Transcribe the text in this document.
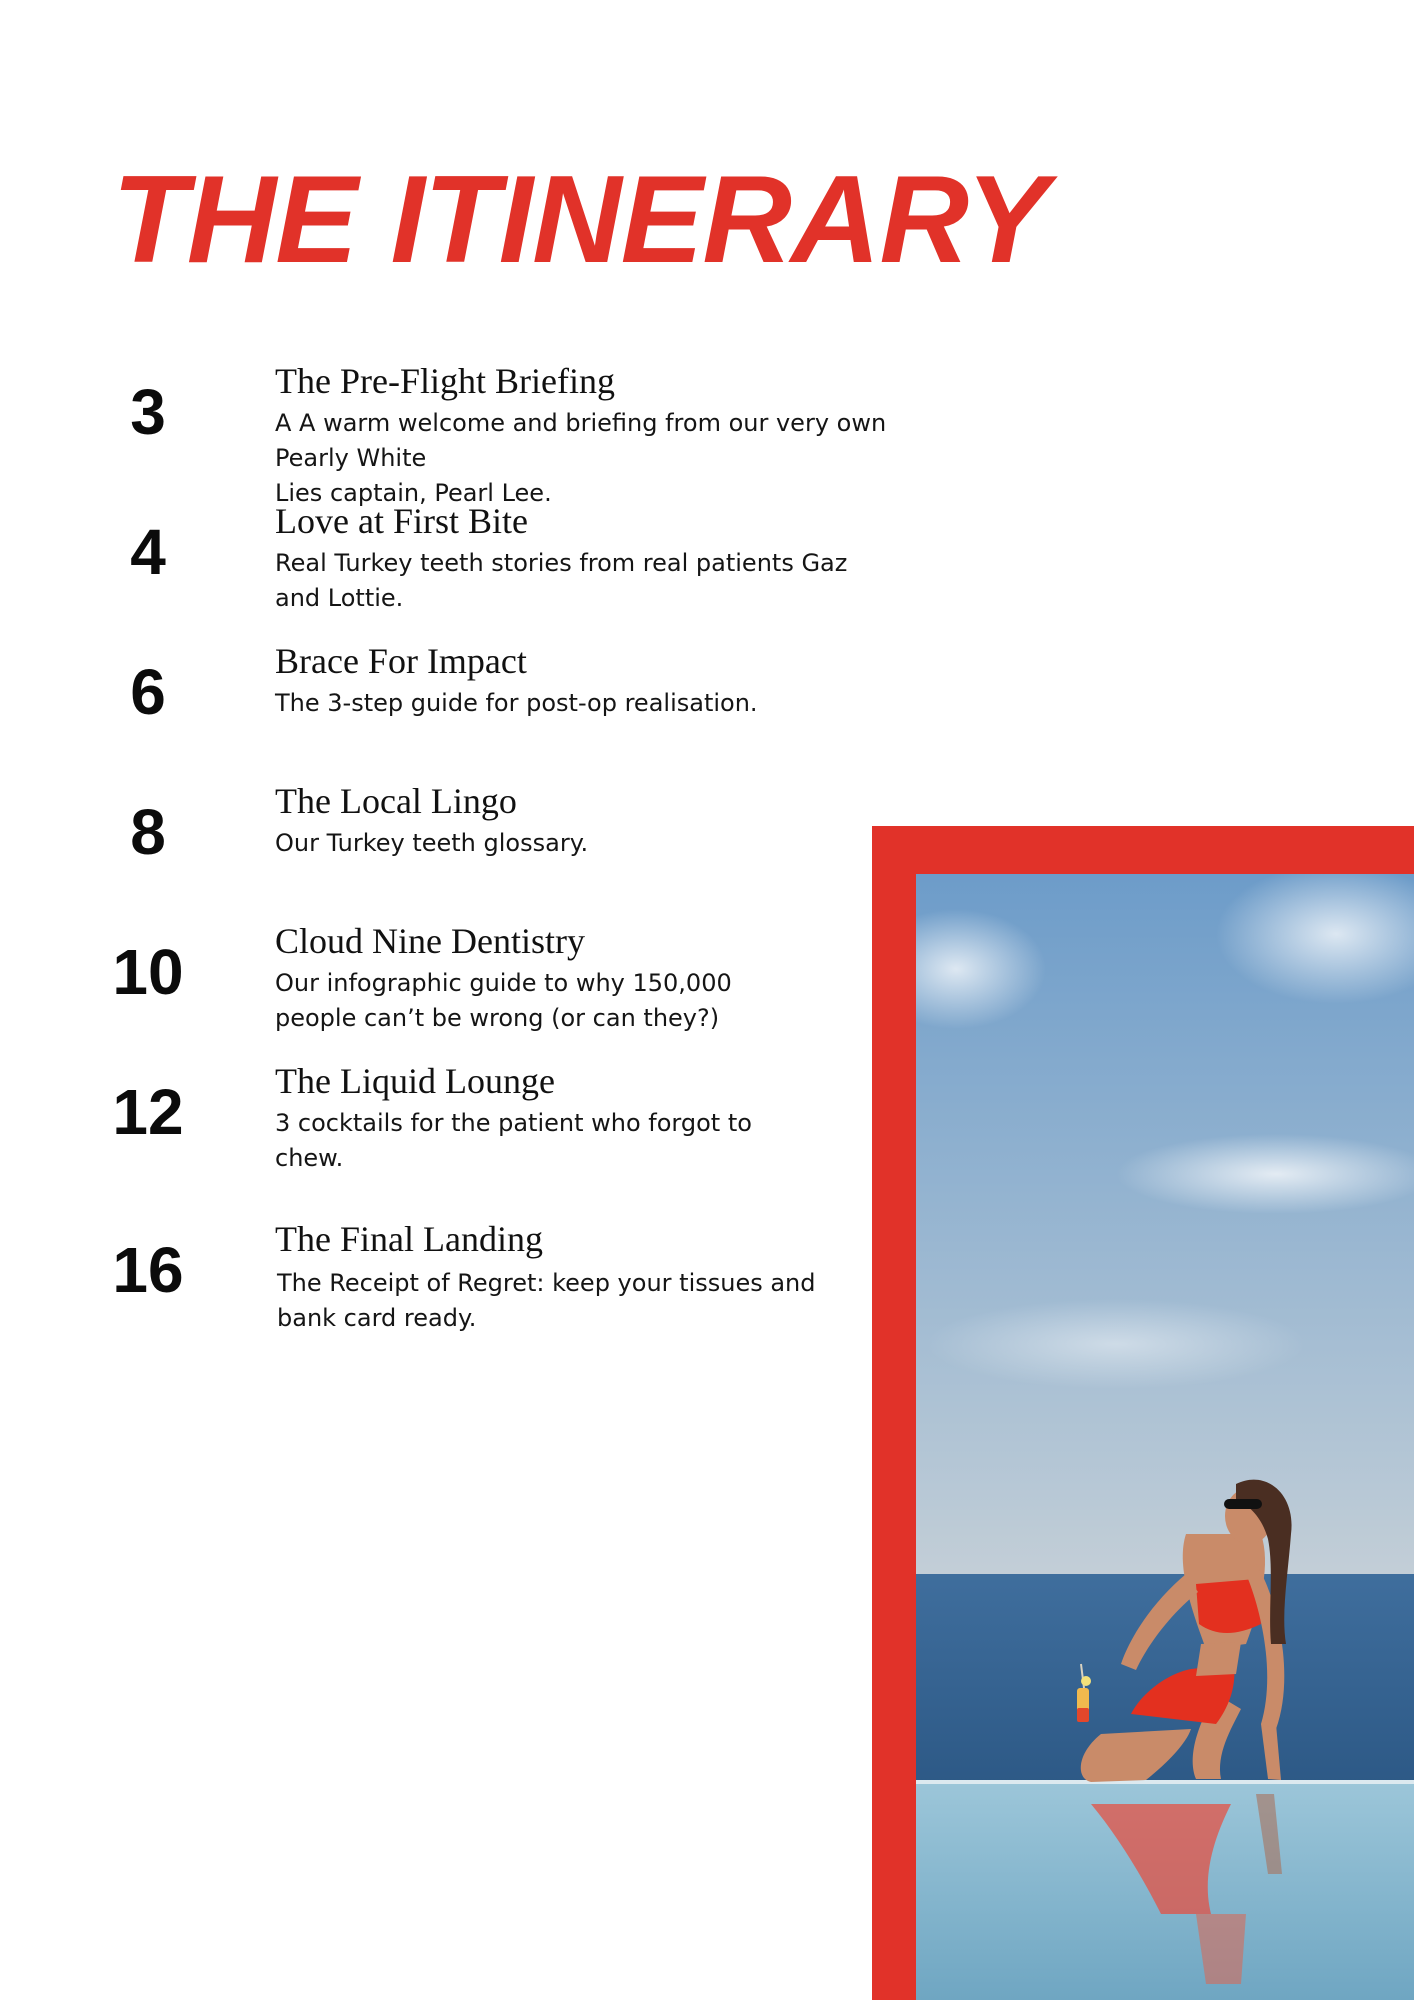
THE ITINERARY
3	The Pre-Flight Briefing

A A warm welcome and briefing from our very own Pearly White
Lies captain, Pearl Lee.

4	Love at First Bite

Real Turkey teeth stories from real patients Gaz and Lottie.

6	Brace For Impact

The 3-step guide for post-op realisation.

8	The Local Lingo

Our Turkey teeth glossary.

10	Cloud Nine Dentistry

Our infographic guide to why 150,000
people can’t be wrong (or can they?)

12	The Liquid Lounge

3 cocktails for the patient who forgot to
chew.

16	The Final Landing

The Receipt of Regret: keep your tissues and
bank card ready.
